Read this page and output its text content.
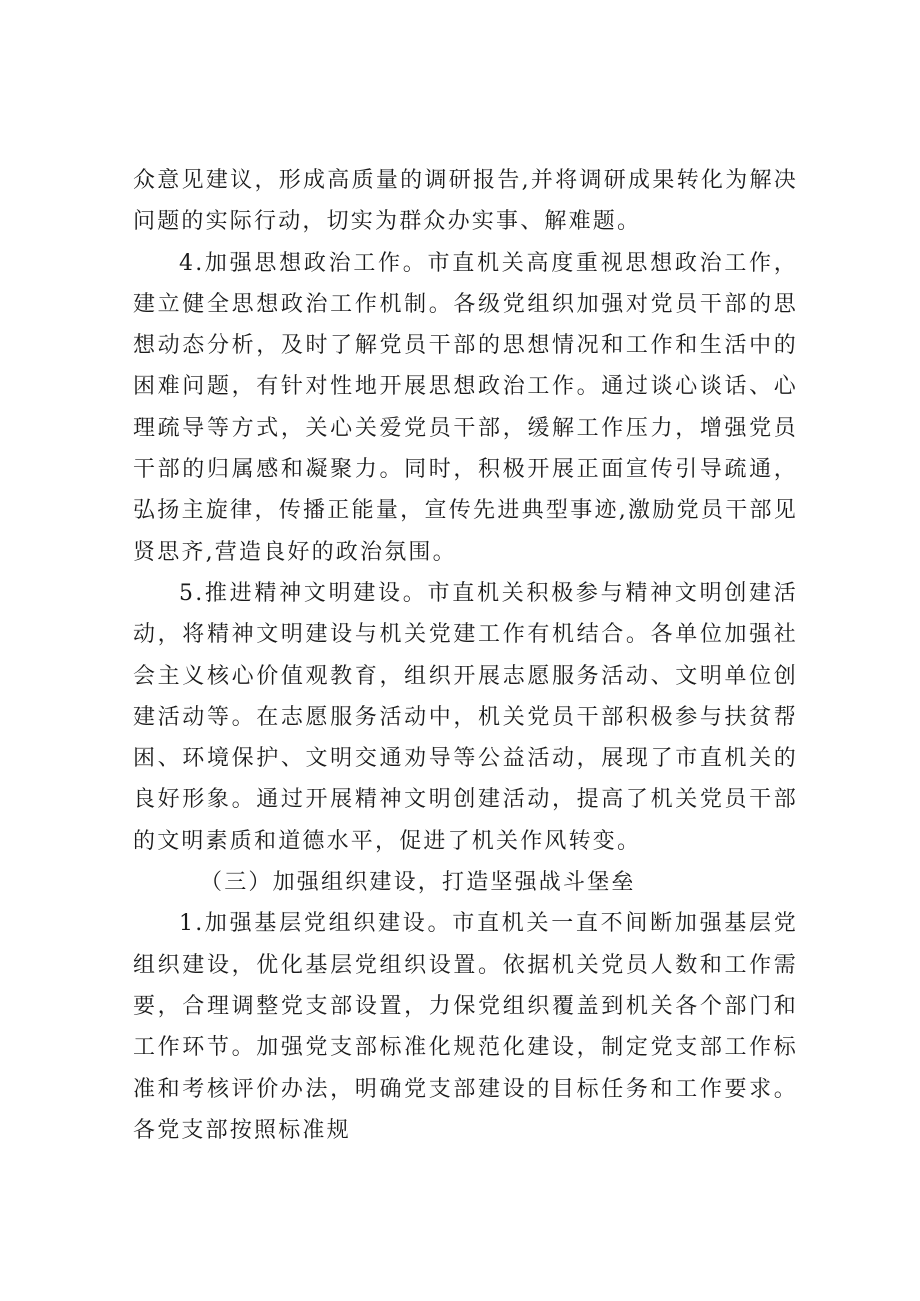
众意见建议，形成高质量的调研报告,并将调研成果转化为解决问题的实际行动，切实为群众办实事、解难题。

4.加强思想政治工作。市直机关高度重视思想政治工作，建立健全思想政治工作机制。各级党组织加强对党员干部的思想动态分析，及时了解党员干部的思想情况和工作和生活中的困难问题，有针对性地开展思想政治工作。通过谈心谈话、心理疏导等方式，关心关爱党员干部，缓解工作压力，增强党员干部的归属感和凝聚力。同时，积极开展正面宣传引导疏通，弘扬主旋律，传播正能量，宣传先进典型事迹,激励党员干部见贤思齐,营造良好的政治氛围。

5.推进精神文明建设。市直机关积极参与精神文明创建活动，将精神文明建设与机关党建工作有机结合。各单位加强社会主义核心价值观教育，组织开展志愿服务活动、文明单位创建活动等。在志愿服务活动中，机关党员干部积极参与扶贫帮困、环境保护、文明交通劝导等公益活动，展现了市直机关的良好形象。通过开展精神文明创建活动，提高了机关党员干部的文明素质和道德水平，促进了机关作风转变。

（三）加强组织建设，打造坚强战斗堡垒

1.加强基层党组织建设。市直机关一直不间断加强基层党组织建设，优化基层党组织设置。依据机关党员人数和工作需要，合理调整党支部设置，力保党组织覆盖到机关各个部门和工作环节。加强党支部标准化规范化建设，制定党支部工作标准和考核评价办法，明确党支部建设的目标任务和工作要求。各党支部按照标准规
